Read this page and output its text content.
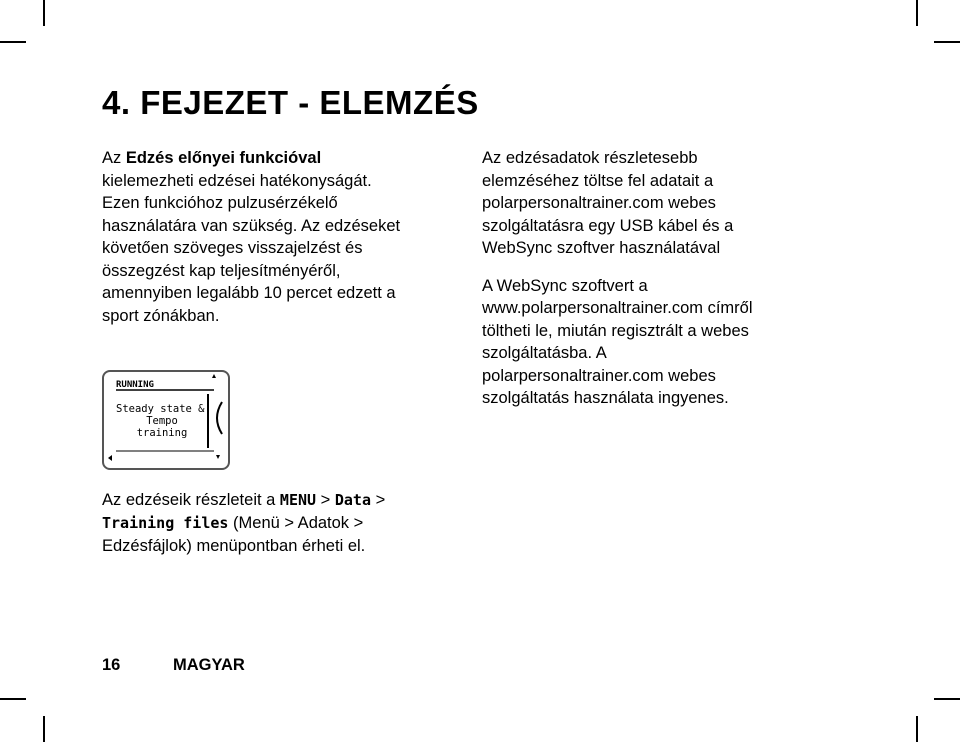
4. FEJEZET - ELEMZÉS
Az Edzés előnyei funkcióval
kielemezheti edzései hatékonyságát.
Ezen funkcióhoz pulzusérzékelő
használatára van szükség. Az edzéseket
követően szöveges visszajelzést és
összegzést kap teljesítményéről,
amennyiben legalább 10 percet edzett a
sport zónákban.

Az edzésadatok részletesebb
elemzéséhez töltse fel adatait a
polarpersonaltrainer.com webes
szolgáltatásra egy USB kábel és a
WebSync szoftver használatával

A WebSync szoftvert a
www.polarpersonaltrainer.com címről
töltheti le, miután regisztrált a webes
szolgáltatásba. A
polarpersonaltrainer.com webes
szolgáltatás használata ingyenes.

RUNNING
Steady state &
Tempo
training
Az edzéseik részleteit a MENU > Data >
Training files (Menü > Adatok >
Edzésfájlok) menüpontban érheti el.
16	MAGYAR
